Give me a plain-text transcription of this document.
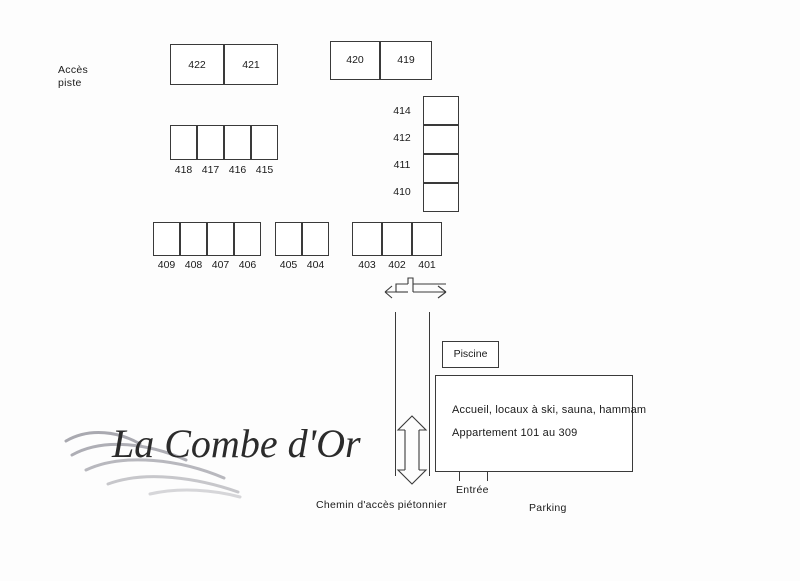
Accès
piste
422	421	420	419
418 417 416 415
414
412
411
410
409 408 407 406	405 404	403	402	401
Piscine
Accueil, locaux à ski, sauna, hammam
Appartement 101 au 309
Entrée
Parking
Chemin d'accès piétonnier
La Combe d'Or
